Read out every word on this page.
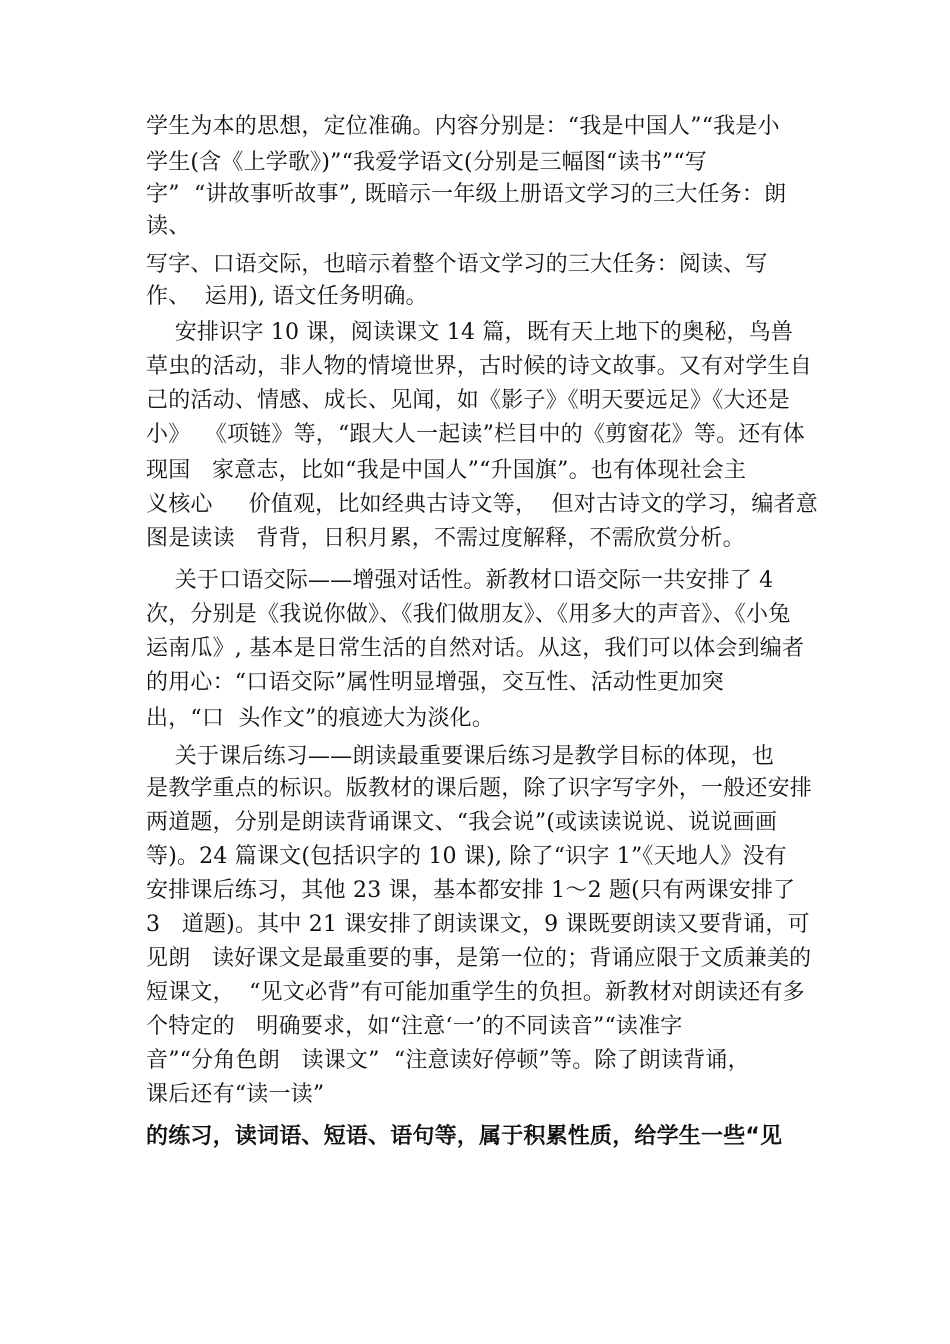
学生为本的思想，定位准确。内容分别是：“我是中国人”“我是小
学生(含《上学歌》)”“我爱学语文(分别是三幅图“读书”“写
字”  “讲故事听故事”, 既暗示一年级上册语文学习的三大任务：朗
读、
写字、口语交际，也暗示着整个语文学习的三大任务：阅读、写
作、  运用), 语文任务明确。
安排识字 10 课，阅读课文 14 篇，既有天上地下的奥秘，鸟兽
草虫的活动，非人物的情境世界，古时候的诗文故事。又有对学生自
己的活动、情感、成长、见闻，如《影子》《明天要远足》《大还是
小》  《项链》等，“跟大人一起读”栏目中的《剪窗花》等。还有体
现国   家意志，比如“我是中国人”“升国旗”。也有体现社会主
义核心     价值观，比如经典古诗文等，  但对古诗文的学习，编者意
图是读读   背背，日积月累，不需过度解释，不需欣赏分析。
关于口语交际——增强对话性。新教材口语交际一共安排了 4
次，分别是《我说你做》、《我们做朋友》、《用多大的声音》、《小兔
运南瓜》, 基本是日常生活的自然对话。从这，我们可以体会到编者
的用心：“口语交际”属性明显增强，交互性、活动性更加突
出，“口  头作文”的痕迹大为淡化。
关于课后练习——朗读最重要课后练习是教学目标的体现，也
是教学重点的标识。版教材的课后题，除了识字写字外，一般还安排
两道题，分别是朗读背诵课文、“我会说”(或读读说说、说说画画
等)。24 篇课文(包括识字的 10 课), 除了“识字 1”《天地人》没有
安排课后练习，其他 23 课，基本都安排 1～2 题(只有两课安排了
3   道题)。其中 21 课安排了朗读课文，9 课既要朗读又要背诵，可
见朗   读好课文是最重要的事，是第一位的；背诵应限于文质兼美的
短课文，  “见文必背”有可能加重学生的负担。新教材对朗读还有多
个特定的   明确要求，如“注意‘一’的不同读音”“读准字
音”“分角色朗   读课文”  “注意读好停顿”等。除了朗读背诵，
课后还有“读一读”
的练习，读词语、短语、语句等，属于积累性质，给学生一些“见
